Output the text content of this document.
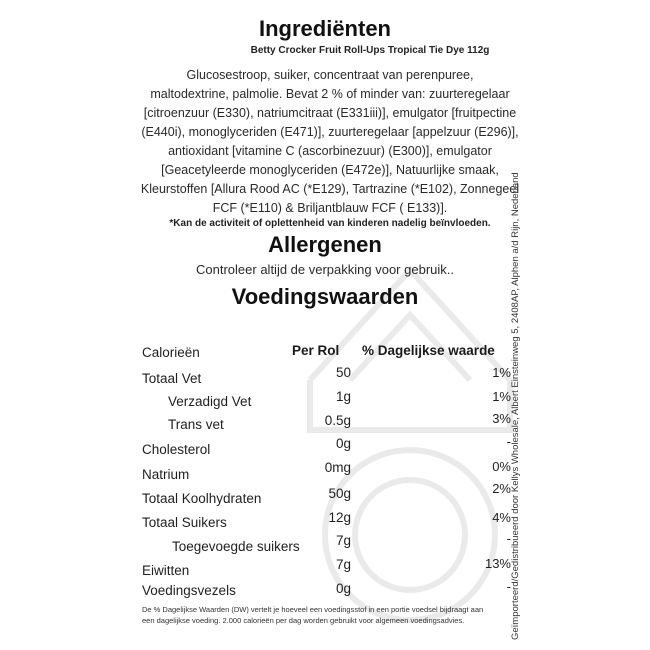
Ingrediënten
Betty Crocker Fruit Roll-Ups Tropical Tie Dye 112g
Glucosestroop, suiker, concentraat van perenpuree,
maltodextrine, palmolie. Bevat 2 % of minder van: zuurteregelaar
[citroenzuur (E330), natriumcitraat (E331iii)], emulgator [fruitpectine
(E440i), monoglyceriden (E471)], zuurteregelaar [appelzuur (E296)],
antioxidant [vitamine C (ascorbinezuur) (E300)], emulgator
[Geacetyleerde monoglyceriden (E472e)], Natuurlijke smaak,
Kleurstoffen [Allura Rood AC (*E129), Tartrazine (*E102), Zonnegeel
FCF (*E110) & Briljantblauw FCF ( E133)].
*Kan de activiteit of oplettenheid van kinderen nadelig beïnvloeden.
Allergenen
Controleer altijd de verpakking voor gebruik..
Voedingswaarden
Calorieën	Per Rol % Dagelijkse waarde
Totaal Vet	50	1%
Verzadigd Vet	1g	1%
Trans vet	0.5g	3%
Cholesterol	0g	-
Natrium	0mg	0%
Totaal Koolhydraten	50g	2%
Totaal Suikers	12g	4%
Toegevoegde suikers	7g	-
Eiwitten	7g	13%
Voedingsvezels	0g	-
De % Dagelijkse Waarden (DW) vertelt je hoeveel een voedingsstof in een portie voedsel bijdraagt aan
een dagelijkse voeding. 2.000 calorieën per dag worden gebruikt voor algemeen voedingsadvies.	Geïmporteerd/Gedistribueerd door Kellys Wholesale, Albert Einsteinweg 5, 2408AP, Alphen a/d Rijn, Nederland
